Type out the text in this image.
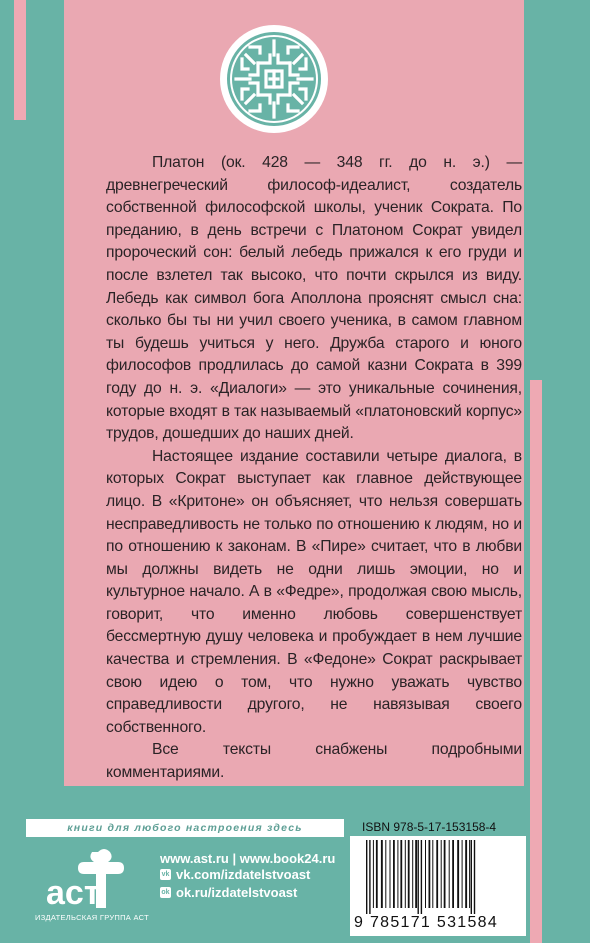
Платон (ок. 428 — 348 гг. до н. э.) — древнегреческий философ-идеалист, создатель собственной философской школы, ученик Сократа. По преданию, в день встречи с Платоном Сократ увидел пророческий сон: белый лебедь прижался к его груди и после взлетел так высоко, что почти скрылся из виду. Лебедь как символ бога Аполлона прояснят смысл сна: сколько бы ты ни учил своего ученика, в самом главном ты будешь учиться у него. Дружба старого и юного философов продлилась до самой казни Сократа в 399 году до н. э. «Диалоги» — это уникальные сочинения, которые входят в так называемый «платоновский корпус» трудов, дошедших до наших дней.

Настоящее издание составили четыре диалога, в которых Сократ выступает как главное действующее лицо. В «Критоне» он объясняет, что нельзя совершать несправедливость не только по отношению к людям, но и по отношению к законам. В «Пире» считает, что в любви мы должны видеть не одни лишь эмоции, но и культурное начало. А в «Федре», продолжая свою мысль, говорит, что именно любовь совершенствует бессмертную душу человека и пробуждает в нем лучшие качества и стремления. В «Федоне» Сократ раскрывает свою идею о том, что нужно уважать чувство справедливости другого, не навязывая своего собственного.

Все тексты снабжены подробными комментариями.

книги для любого настроения здесь
аст
ИЗДАТЕЛЬСКАЯ ГРУППА АСТ
www.ast.ru | www.book24.ru
vk vk.com/izdatelstvoast
ok ok.ru/izdatelstvoast
ISBN 978-5-17-153158-4
9 785171 531584
